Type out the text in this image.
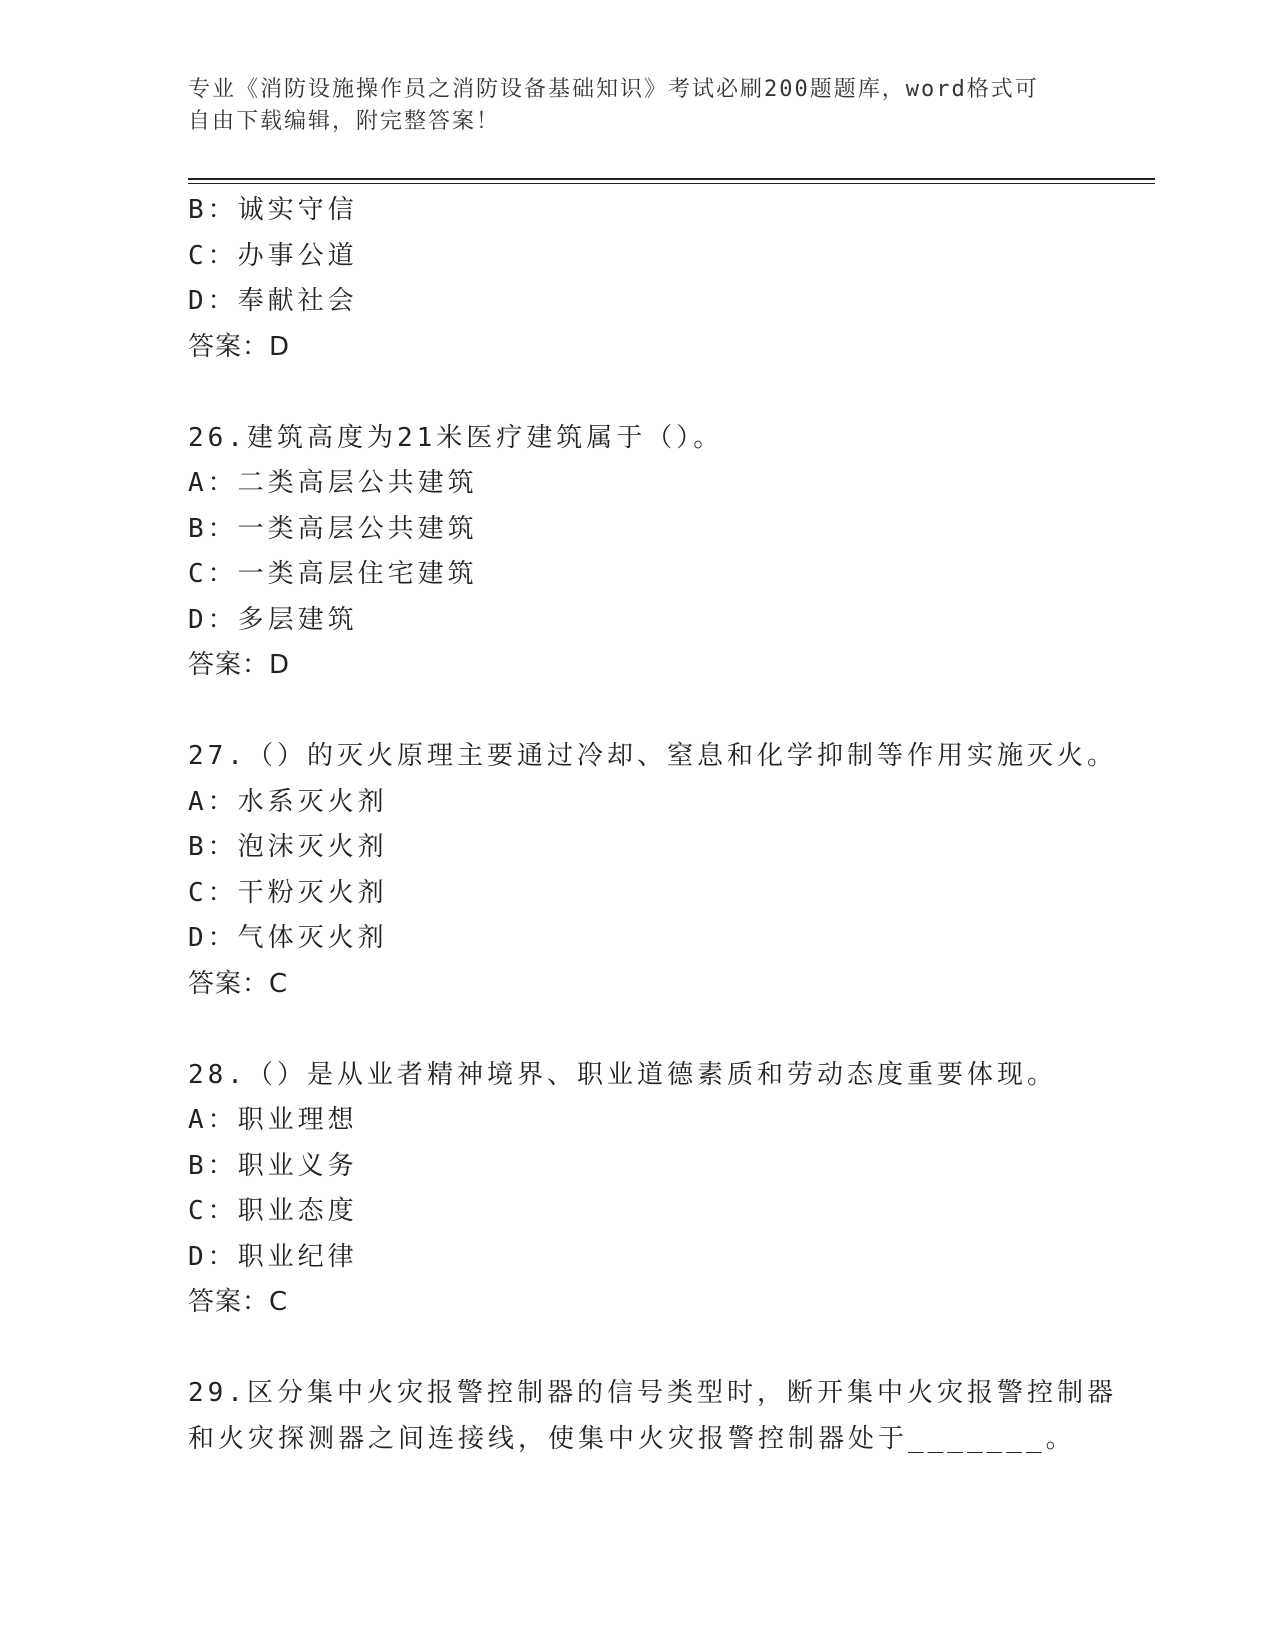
专业《消防设施操作员之消防设备基础知识》考试必刷200题题库，word格式可
自由下载编辑，附完整答案！
B：诚实守信
C：办事公道
D：奉献社会
答案：D
26.建筑高度为21米医疗建筑属于（）。
A：二类高层公共建筑
B：一类高层公共建筑
C：一类高层住宅建筑
D：多层建筑
答案：D
27.（）的灭火原理主要通过冷却、窒息和化学抑制等作用实施灭火。
A：水系灭火剂
B：泡沫灭火剂
C：干粉灭火剂
D：气体灭火剂
答案：C
28.（）是从业者精神境界、职业道德素质和劳动态度重要体现。
A：职业理想
B：职业义务
C：职业态度
D：职业纪律
答案：C
29.区分集中火灾报警控制器的信号类型时，断开集中火灾报警控制器
和火灾探测器之间连接线，使集中火灾报警控制器处于_______。
